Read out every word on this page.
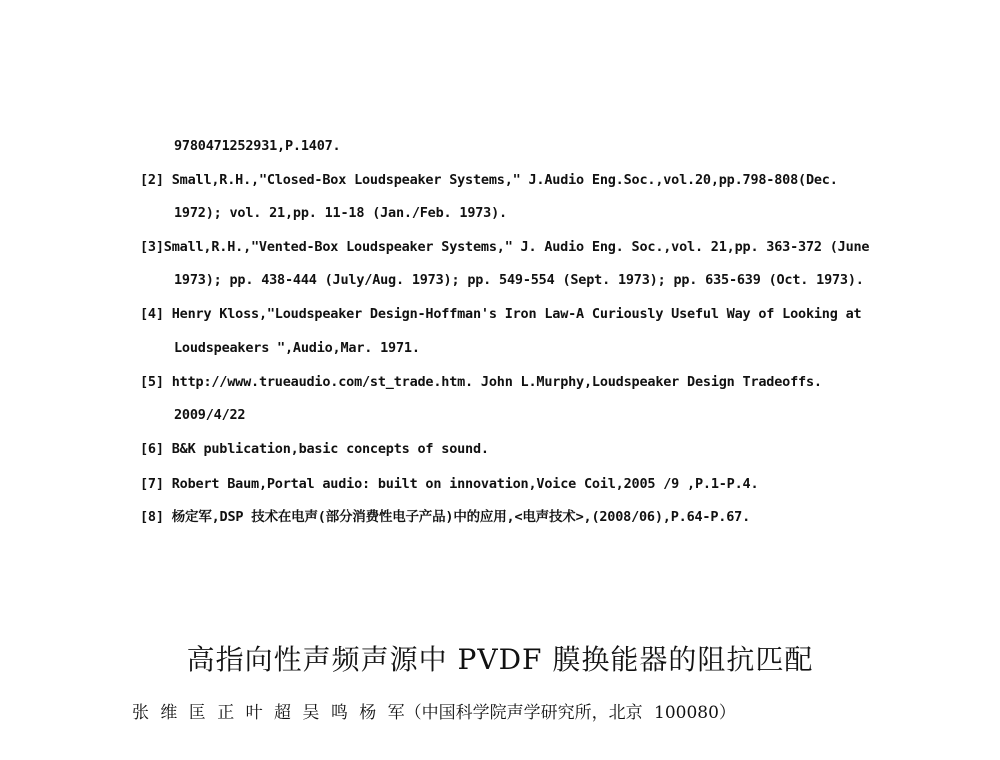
9780471252931,P.1407.
[2] Small,R.H.,"Closed-Box Loudspeaker Systems," J.Audio Eng.Soc.,vol.20,pp.798-808(Dec.
1972); vol. 21,pp. 11-18 (Jan./Feb. 1973).
[3]Small,R.H.,"Vented-Box Loudspeaker Systems," J. Audio Eng. Soc.,vol. 21,pp. 363-372 (June
1973); pp. 438-444 (July/Aug. 1973); pp. 549-554 (Sept. 1973); pp. 635-639 (Oct. 1973).
[4] Henry Kloss,"Loudspeaker Design-Hoffman's Iron Law-A Curiously Useful Way of Looking at
Loudspeakers ",Audio,Mar. 1971.
[5] http://www.trueaudio.com/st_trade.htm. John L.Murphy,Loudspeaker Design Tradeoffs.
2009/4/22
[6] B&K publication,basic concepts of sound.
[7] Robert Baum,Portal audio: built on innovation,Voice Coil,2005 /9 ,P.1-P.4.
[8] 杨定军,DSP 技术在电声(部分消费性电子产品)中的应用,<电声技术>,(2008/06),P.64-P.67.
高指向性声频声源中 PVDF 膜换能器的阻抗匹配
张 维 匡 正 叶 超 吴 鸣 杨 军（中国科学院声学研究所，北京 100080）
